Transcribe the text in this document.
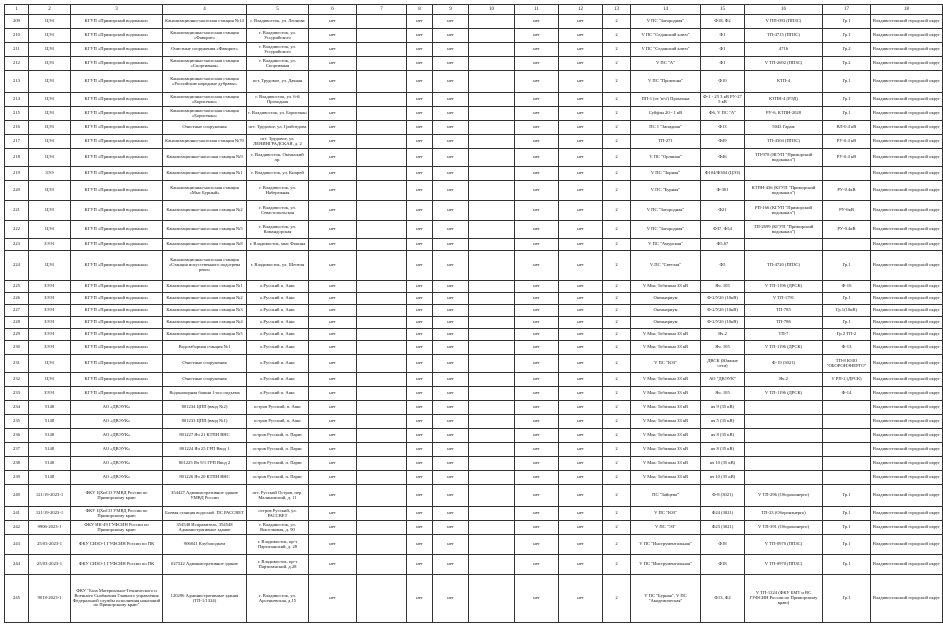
1	2	3	4	5	6	7	8	9	10	11	12	13	14	15	16	17	18
209	ЦЭЗ	КГУП «Приморский водоканал»	Канализационно-насосная станция №14	г. Владивосток, ул. Леонова	нет		нет	нет		нет	нет	2	V ПС "Загородная"	Ф18, Ф2	V ПП-093 (ППЗС)	Гр.1	Владивостокский городской округ
210	ЦЭЗ	КГУП «Приморский водоканал»	Канализационно-насосная станция «Фаворит»	г. Владивосток, ул. Уссурийского	нет		нет	нет		нет	нет	2	V ПС "Седанский ключ"	Ф1	ТП-4715 (ППЗС)	Гр.1	Владивостокский городской округ
211	ЦЭЗ	КГУП «Приморский водоканал»	Очистные сооружения «Фаворит»	г. Владивосток, ул. Уссурийского	нет		нет	нет		нет	нет	2	V ПС "Седанский ключ"	Ф1	4716	Гр.2	Владивостокский городской округ
212	ЦЭЗ	КГУП «Приморский водоканал»	Канализационно-насосная станция «Спортивная»	г. Владивосток, ул. Спортивная	нет		нет	нет		нет	нет	2	V ПС "А"	Ф1	V ТП-2692 (ППЗС)	Гр.2	Владивостокский городской округ
213	ЦЭЗ	КГУП «Приморский водоканал»	Канализационно-насосная станция «Российские народные дубравы»	пгт. Трудовое, ул. Дачная	нет		нет	нет		нет	нет	2	V ПС "Промзона"	Ф10	КТП-4	Гр.1	Владивостокский городской округ
214	ЦЭЗ	КГУП «Приморский водоканал»	Канализационно-насосная станция «Борисенко»	г. Владивосток, ул. 6-й Проходная	нет		нет	нет		нет	нет	2	ПП-1 (от 'в/ч') Промзона	Ф-1 - 25 3 кВ РУ-27 5 кВ	КТПН-4 (РЭД)	Гр.1	Владивостокский городской округ
215	ЦЭЗ	КГУП «Приморский водоканал»	Канализационно-насосная станция «Борисенко»	г. Владивосток, ул. Борисенко	нет		нет	нет		нет	нет	2	Суйфэн 20 - 1 кВ	Ф6, V ПС "А"	РУ-6, КТПН-2028	Гр.1	Владивостокский городской округ
216	ЦЭЗ	КГУП «Приморский водоканал»	Очистные сооружения	пгт. Трудовое, ул. Грибоедова	нет		нет	нет		нет	нет	2	ПС 1 "Западная"	Ф13	5043 Гараж	ВЛ-0.4 кВ	Владивостокский городской округ
217	ЦЭЗ	КГУП «Приморский водоканал»	Канализационно-насосная станция №70	пгт. Трудовое, ул. ЛЕНИНГРАДСКАЯ, д. 2	нет		нет	нет		нет	нет	2	ТП-271	Ф49	ТП-4304 (ППЗС)	РУ-0.4 кВ	Владивостокский городской округ
218	ЦЭЗ	КГУП «Приморский водоканал»	Канализационно-насосная станция №9	г. Владивосток, Океанский пр.	нет		нет	нет		нет	нет	2	V ПС "Орлиная"	Ф46	ТП-978 (ЯГУП "Приморский водоканал")	РУ-0.4 кВ	Владивостокский городской округ
219	ЗЭЭ	КГУП «Приморский водоканал»	Канализационно-насосная станция №1	г. Владивосток, ул. Кипрей	нет		нет	нет		нет	нет	2	V ПС "Зорная"	Ф104/Ф304 (ЦЭЗ)			Владивостокский городской округ
220	ЦЭЗ	КГУП «Приморский водоканал»	Канализационно-насосная станция «Мыс Бурный»	г. Владивосток, ул. Набережная	нет		нет	нет		нет	нет	2	V ПС "Бурная"	Ф-301	КТПН-436 (КГУП "Приморский водоканал")	РУ-0.4кВ	Владивостокский городской округ
221	ЦЭЗ	КГУП «Приморский водоканал»	Канализационно-насосная станция №2	г. Владивосток, ул. Севастопольская	нет		нет	нет		нет	нет	2	V ПС "Загородная"	Ф21	РП-166 (КГУП "Приморский водоканал")	РУ-6кВ	Владивостокский городской округ
222	ЦЭЗ	КГУП «Приморский водоканал»	Канализационно-насосная станция №5	г. Владивосток, ул. Командорская	нет		нет	нет		нет	нет	2	V ПС "Загородная"	Ф37, Ф54	ТП-2699 (КГУП "Приморский водоканал")	РУ-0.4кВ	Владивостокский городской округ
223	ЗЭЭ1	КГУП «Приморский водоканал»	Канализационно-насосная станция №8	г. Владивосток, мыс Фокина	нет		нет	нет		нет	нет	2	V ПС "Амурская"	Ф5,67			Владивостокский городской округ
224	ЦЭЗ	КГУП «Приморский водоканал»	Канализационно-насосная станция «Станция искусственного подогрева реки»	г. Владивосток, ул. Шепеля	нет		нет	нет		нет	нет	2	V ПС "Светлая"	Ф5	ТП-4720 (ППЗС)	Гр.1	Владивостокский городской округ
225	ЗЭЭ1	КГУП «Приморский водоканал»	Канализационно-насосная станция №1	о.Русский п. Аякс	нет		нет	нет		нет	нет	2	V Мыс Тобизина ЗЗ кВ	Яч. 105	V ТП-1196 (ДРСК)	Ф-16	Владивостокский городской округ
226	ЗЭЭ1	КГУП «Приморский водоканал»	Канализационно-насосная станция №2	о.Русский п. Аякс	нет		нет	нет		нет	нет	2	Океанариум	Ф-2/У2б (10кВ)	V ТП-1791	Гр.1	Владивостокский городской округ
227	ЗЭЭ1	КГУП «Приморский водоканал»	Канализационно-насосная станция №3	о.Русский п. Аякс	нет		нет	нет		нет	нет	2	Океанариум	Ф-2/У2б (10кВ)	ТП-785	Гр.1(10кВ)	Владивостокский городской округ
228	ЗЭЭ1	КГУП «Приморский водоканал»	Канализационно-насосная станция №4	о.Русский п. Аякс	нет		нет	нет		нет	нет	2	Океанариум	Ф-2/У2б (10кВ)	ТП-786	Гр.1	Владивостокский городской округ
229	ЗЭЭ1	КГУП «Приморский водоканал»	Канализационно-насосная станция №5	о.Русский п. Аякс	нет		нет	нет		нет	нет	2	V Мыс Тобизина ЗЗ кВ	Яч.2	ТП-7	Гр.2 ТП-2	Владивостокский городской округ
230	ЗЭЭ1	КГУП «Приморский водоканал»	Водозаборная станция №1	о.Русский п. Аякс	нет		нет	нет		нет	нет	2	V Мыс Тобизина ЗЗ кВ	Яч. 105	V ТП-1196 (ДРСК)	Ф-13	Владивостокский городской округ
231	ЦЭЗ	КГУП «Приморский водоканал»	Очистные сооружения	о.Русский п. Аякс	нет		нет	нет		нет	нет	2	V ПС "ЮЗ"	ДВСК (Южные сети)	Ф-19 (3021)	ТП-8 ЮЗО "ОБОРОНЭНЕРГО"	Владивостокский городской округ
232	ЦЭЗ	КГУП «Приморский водоканал»	Очистные сооружения	о.Русский п. Аякс	нет		нет	нет		нет	нет	2	V Мыс Тобизина ЗЗ кВ	АО "ДВЭУК"	Яч.2	V РП-2 (ДРСК)	Владивостокский городской округ
233	ЗЭЭ1	КГУП «Приморский водоканал»	Водонапорная башня 1-ого подъема	о.Русский п. Аякс	нет		нет	нет		нет	нет	2	V Мыс Тобизина ЗЗ кВ	Яч. 105	V ТП-1196 (ДРСК)	Ф-14	Владивостокский городской округ
234	5148	АО «ДВЭУК»	801234 ЦПП (ввод №2)	остров Русский, п. Аякс	нет		нет	нет		нет	нет	2	V Мыс Тобизина ЗЗ кВ	яч 9 (35 кВ)			Владивостокский городской округ
235	5148	АО «ДВЭУК»	801233 ЦПП (ввод №1)	остров Русский, п. Аякс	нет		нет	нет		нет	нет	2	V Мыс Тобизина ЗЗ кВ	яч 5 (35 кВ)			Владивостокский городской округ
236	5148	АО «ДВЭУК»	801227 Яч 21 КТПН ВНС	остров Русский, п. Парис	нет		нет	нет		нет	нет	2	V Мыс Тобизина ЗЗ кВ	яч 8 (35 кВ)			Владивостокский городской округ
237	5148	АО «ДВЭУК»	801224 Яч 25 ГРП Ввод 1	остров Русский, п. Парис	нет		нет	нет		нет	нет	2	V Мыс Тобизина ЗЗ кВ	яч 8 (35 кВ)			Владивостокский городской округ
238	5148	АО «ДВЭУК»	801225 Яч 9/1 ГРП Ввод 2	остров Русский, п. Парис	нет		нет	нет		нет	нет	2	V Мыс Тобизина ЗЗ кВ	яч 10 (35 кВ)			Владивостокский городской округ
239	5148	АО «ДВЭУК»	801226 Яч 20 КТПН ВНС	остров Русский, п. Парис	нет		нет	нет		нет	нет	2	V Мыс Тобизина ЗЗ кВ	яч 10 (35 кВ)			Владивостокский городской округ
240	121/19-2023-1	ФКУ ЦХиСО УМВД России по Приморскому краю	354427 Административное здание УМВД России	пгт. Русский Остров, пер. Малиновский, д. 11	нет		нет	нет		нет	нет	2	ПС "Зайцева"	Ф-8 (3021)	V ТП-296 (Оборонэнерго)	Гр.1	Владивостокский городской округ
241	121/19-2023-1	ФКУ ЦХиСО УМВД России по Приморскому краю	Боевая станция водоснаб. ПС РАССВЕТ	остров Русский, ул. РАССВЕТ	нет		нет	нет		нет	нет	2	V ПС "ЮЗ"	Ф24 (3021)	ТП-23 (Оборонэнерго)	Гр.1	Владивостокский городской округ
242	9906-2023-1	ФКУ ИК-49 ГУФСИН России по Приморскому краю	354548 Исправитель. 354548 Административное здание	г. Владивосток, ул. Выселковая, д. 90	нет		нет	нет		нет	нет	2	V ПС "ЭЗ"	Ф23 (3021)	V ТП-391 (Оборонэнерго)	Гр.1	Владивостокский городской округ
243	25/03-2023-1	ФКУ СИЗО-1 ГУФСИН России по ПК	906841 Клубоподъем	г. Владивосток, пр-т Партизанский, д. 28	нет		нет	нет		нет	нет	2	V ПС "Инструментальная"	Ф18	V ТП-0970 (ППЗС)	Гр.1	Владивостокский городской округ
244	25/03-2023-1	ФКУ СИЗО-1 ГУФСИН России по ПК	027522 Административное здание	г. Владивосток, пр-т Партизанский, д.28	нет		нет	нет		нет	нет	2	V ПС "Инструментальная"	Ф18	V ТП-0970 (ППЗС)	Гр.1	Владивостокский городской округ
245	9018-2023-1	ФКУ "База Материально-Технического и Военного Снабжения Главного управления Федеральной службы исполнения наказаний по Приморскому краю"	120296 Административные здания (ТП-1/1324)	г. Владивосток, ул. Арсеньевская, д.15	нет		нет	нет		нет	нет	2	V ПС "Бурная", V ПС "Академическая"	Ф13, Ф2	V ТП-1324 (ФКУ БМТ и ВС ГУФСИН России по Приморскому краю)	Гр.1	Владивостокский городской округ
